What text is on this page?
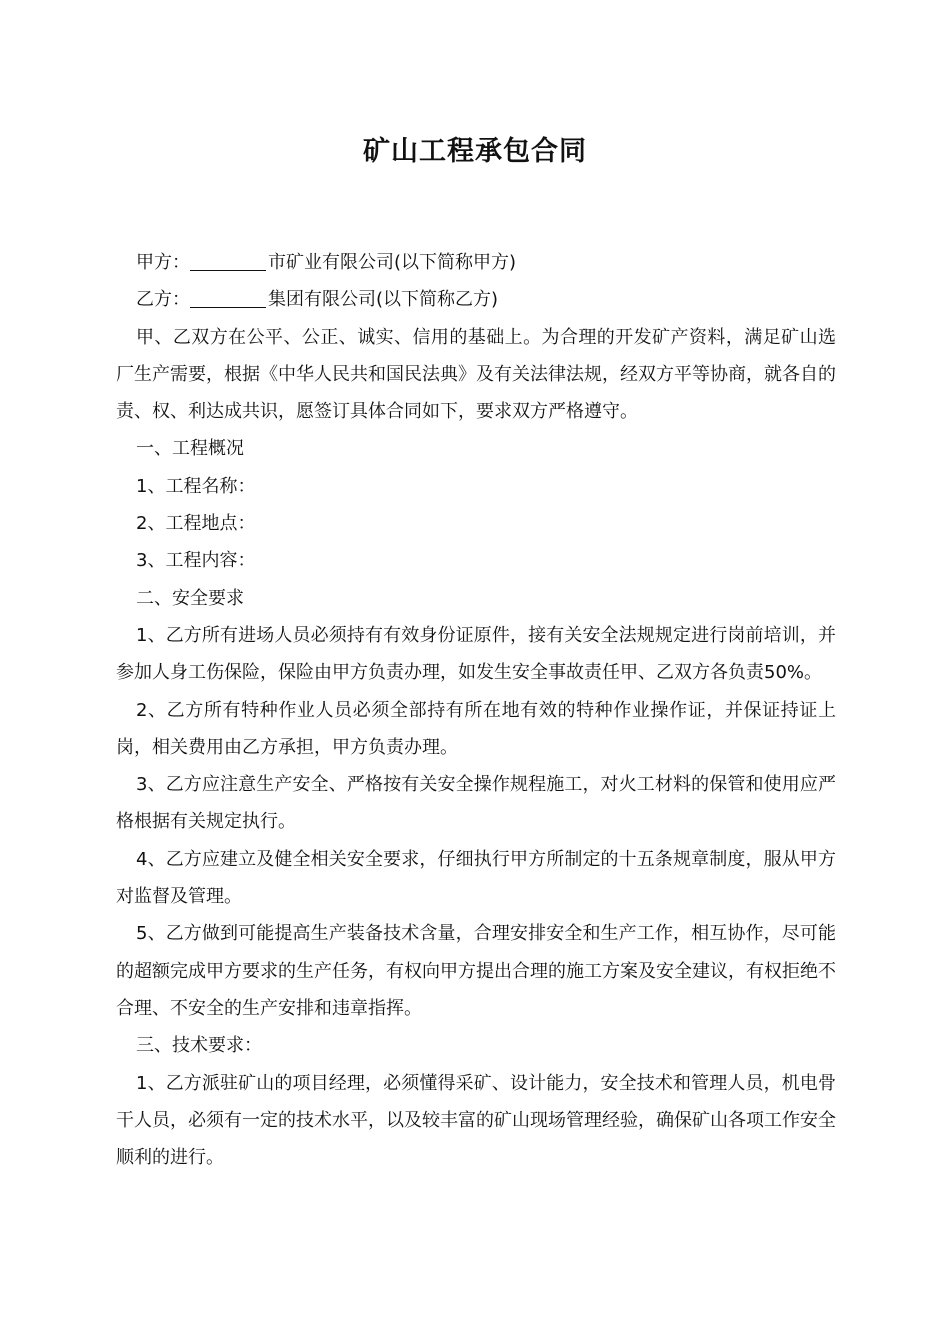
矿山工程承包合同

甲方：	市矿业有限公司(以下简称甲方)

乙方：	集团有限公司(以下简称乙方)

甲、乙双方在公平、公正、诚实、信用的基础上。为合理的开发矿产资料，满足矿山选厂生产需要，根据《中华人民共和国民法典》及有关法律法规，经双方平等协商，就各自的责、权、利达成共识，愿签订具体合同如下，要求双方严格遵守。

一、工程概况

1、工程名称：

2、工程地点：

3、工程内容：

二、安全要求

1、乙方所有进场人员必须持有有效身份证原件，接有关安全法规规定进行岗前培训，并参加人身工伤保险，保险由甲方负责办理，如发生安全事故责任甲、乙双方各负责50%。

2、乙方所有特种作业人员必须全部持有所在地有效的特种作业操作证，并保证持证上岗，相关费用由乙方承担，甲方负责办理。

3、乙方应注意生产安全、严格按有关安全操作规程施工，对火工材料的保管和使用应严格根据有关规定执行。

4、乙方应建立及健全相关安全要求，仔细执行甲方所制定的十五条规章制度，服从甲方对监督及管理。

5、乙方做到可能提高生产装备技术含量，合理安排安全和生产工作，相互协作，尽可能的超额完成甲方要求的生产任务，有权向甲方提出合理的施工方案及安全建议，有权拒绝不合理、不安全的生产安排和违章指挥。

三、技术要求：

1、乙方派驻矿山的项目经理，必须懂得采矿、设计能力，安全技术和管理人员，机电骨干人员，必须有一定的技术水平，以及较丰富的矿山现场管理经验，确保矿山各项工作安全顺利的进行。
